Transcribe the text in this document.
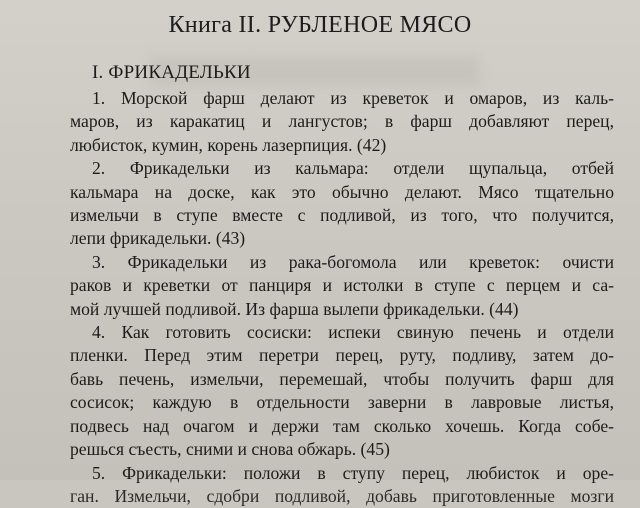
Книга II. РУБЛЕНОЕ МЯСО
I. ФРИКАДЕЛЬКИ
1. Морской фарш делают из креветок и омаров, из каль-
маров, из каракатиц и лангустов; в фарш добавляют перец,
любисток, кумин, корень лазерпиция. (42)
2. Фрикадельки из кальмара: отдели щупальца, отбей
кальмара на доске, как это обычно делают. Мясо тщательно
измельчи в ступе вместе с подливой, из того, что получится,
лепи фрикадельки. (43)
3. Фрикадельки из рака-богомола или креветок: очисти
раков и креветки от панциря и истолки в ступе с перцем и са-
мой лучшей подливой. Из фарша вылепи фрикадельки. (44)
4. Как готовить сосиски: испеки свиную печень и отдели
пленки. Перед этим перетри перец, руту, подливу, затем до-
бавь печень, измельчи, перемешай, чтобы получить фарш для
сосисок; каждую в отдельности заверни в лавровые листья,
подвесь над очагом и держи там сколько хочешь. Когда собе-
решься съесть, сними и снова обжарь. (45)
5. Фрикадельки: положи в ступу перец, любисток и оре-
ган. Измельчи, сдобри подливой, добавь приготовленные мозги
